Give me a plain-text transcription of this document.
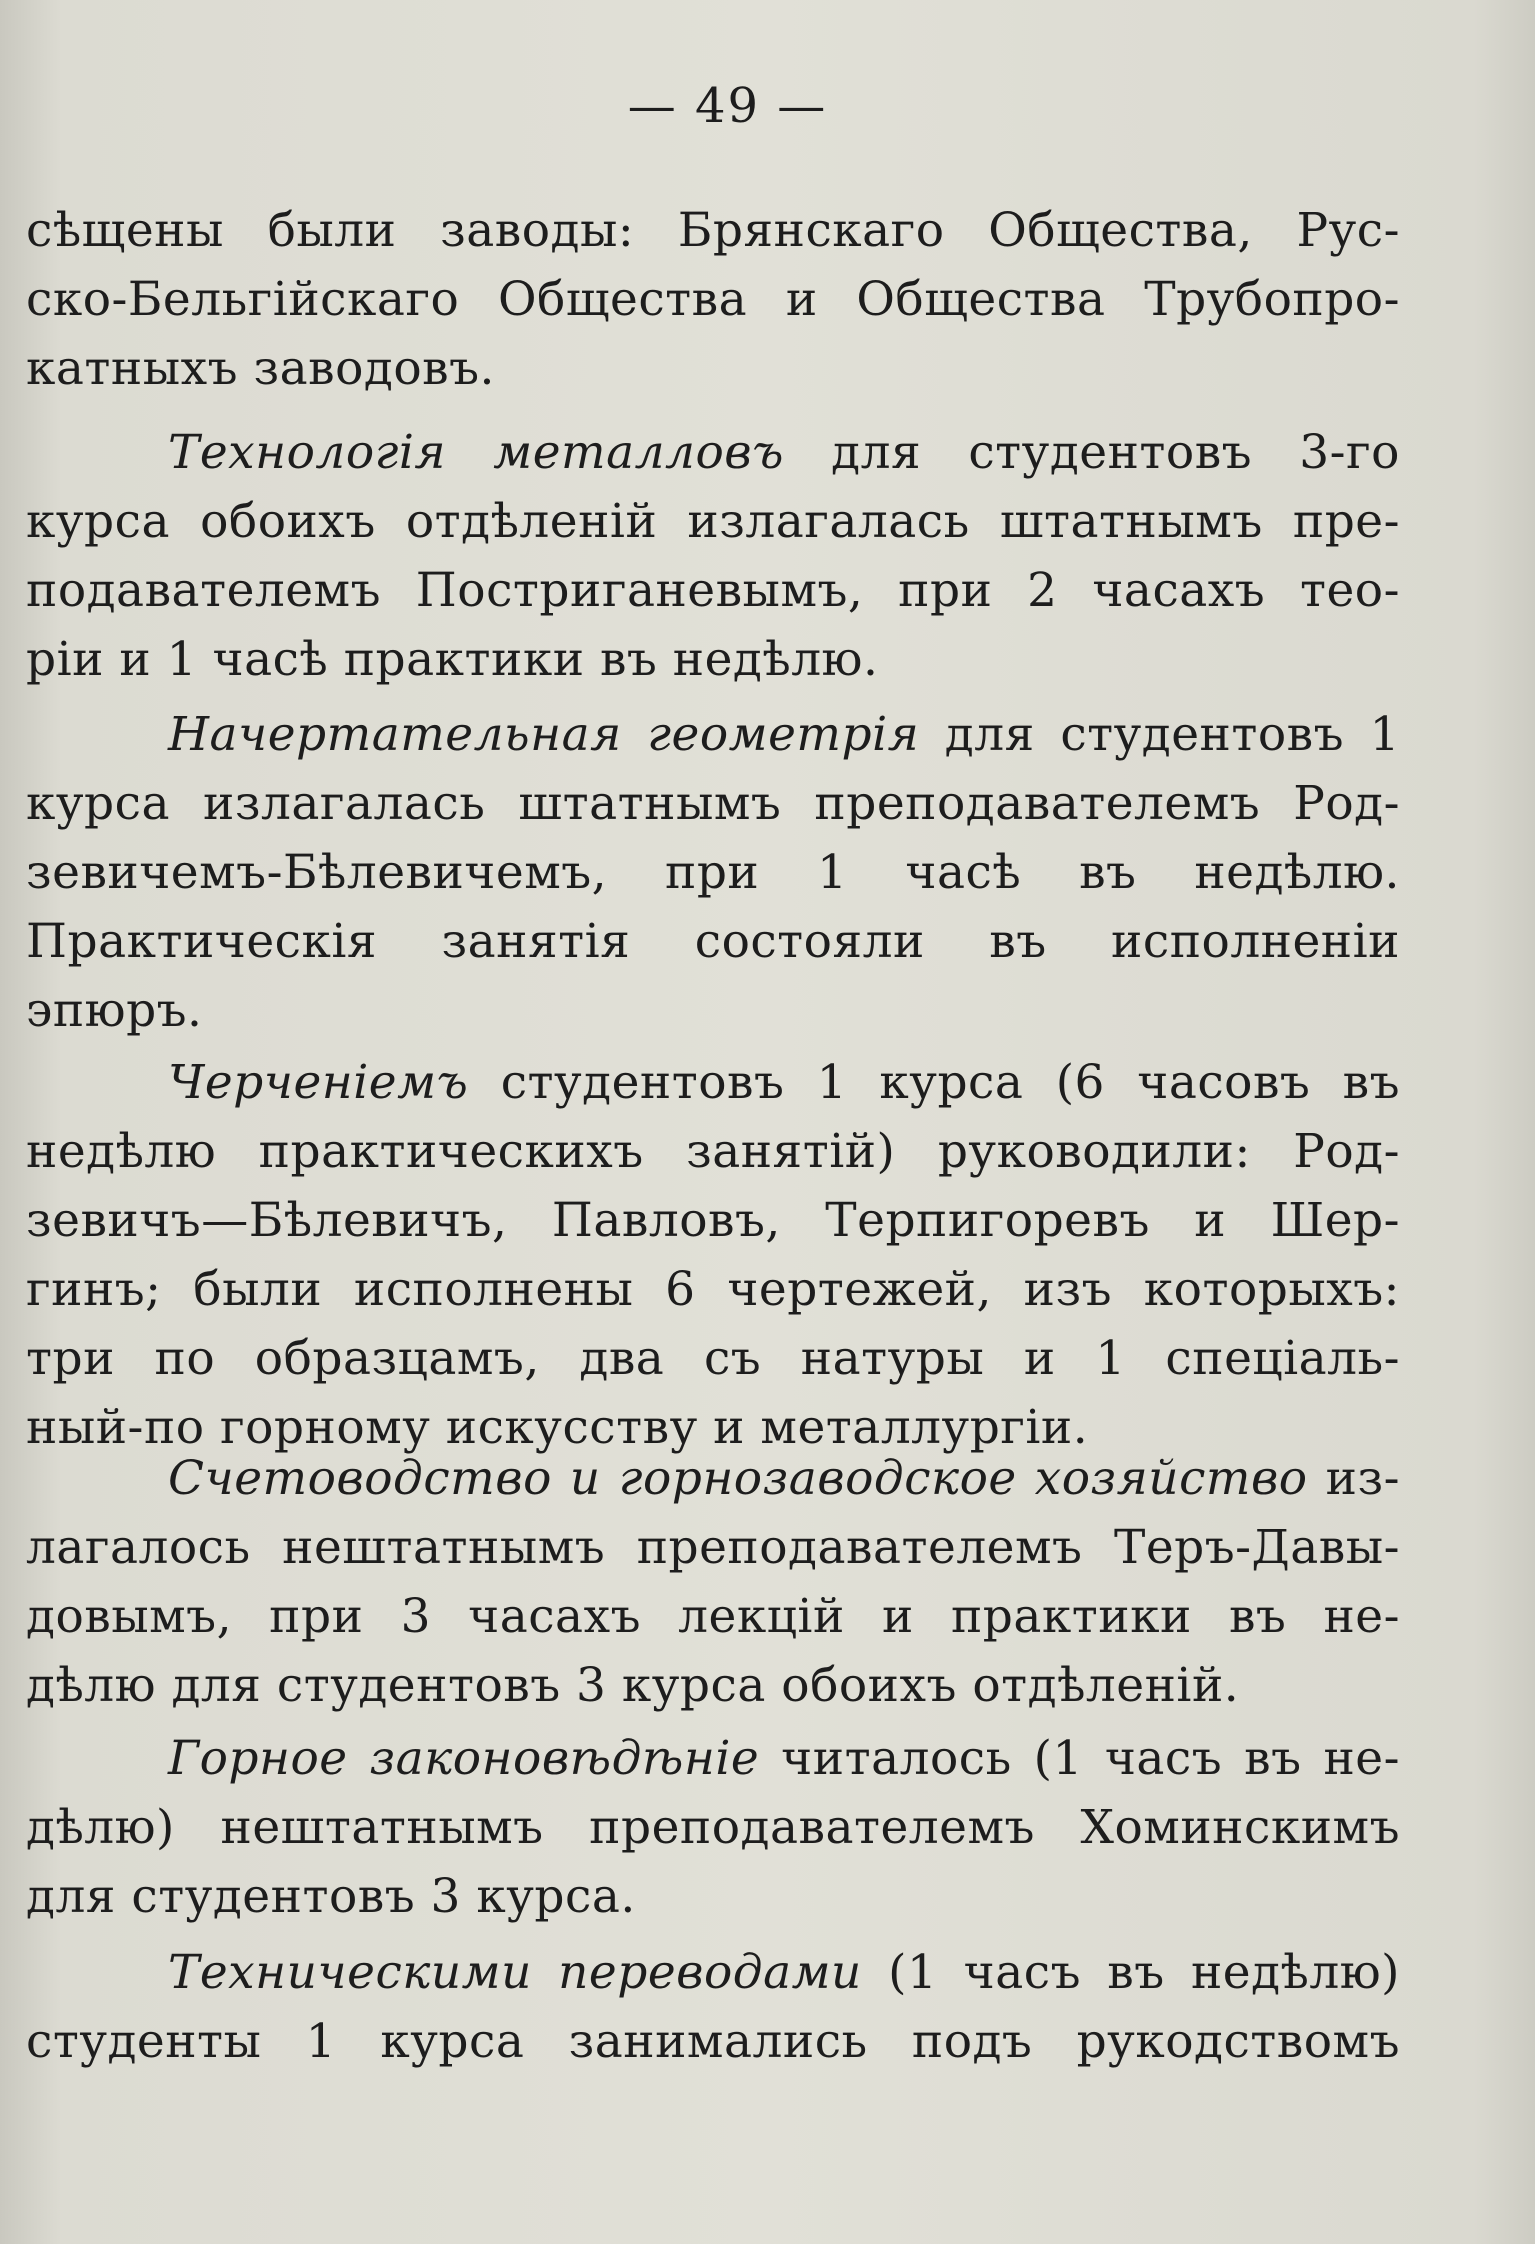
— 49 —
сѣщены были заводы: Брянскаго Общества, Рус-
ско-Бельгійскаго Общества и Общества Трубопро-
катныхъ заводовъ.
Технологія металловъ для студентовъ 3-го
курса обоихъ отдѣленій излагалась штатнымъ пре-
подавателемъ Постриганевымъ, при 2 часахъ тео-
ріи и 1 часѣ практики въ недѣлю.
Начертательная геометрія для студентовъ 1
курса излагалась штатнымъ преподавателемъ Род-
зевичемъ-Бѣлевичемъ, при 1 часѣ въ недѣлю.
Практическія занятія состояли въ исполненіи
эпюръ.
Черченіемъ студентовъ 1 курса (6 часовъ въ
недѣлю практическихъ занятій) руководили: Род-
зевичъ—Бѣлевичъ, Павловъ, Терпигоревъ и Шер-
гинъ; были исполнены 6 чертежей, изъ которыхъ:
три по образцамъ, два съ натуры и 1 спеціаль-
ный-по горному искусству и металлургіи.
Счетоводство и горнозаводское хозяйство из-
лагалось нештатнымъ преподавателемъ Теръ-Давы-
довымъ, при 3 часахъ лекцій и практики въ не-
дѣлю для студентовъ 3 курса обоихъ отдѣленій.
Горное законовѣдѣніе читалось (1 часъ въ не-
дѣлю) нештатнымъ преподавателемъ Хоминскимъ
для студентовъ 3 курса.
Техническими переводами (1 часъ въ недѣлю)
студенты 1 курса занимались подъ рукодствомъ
